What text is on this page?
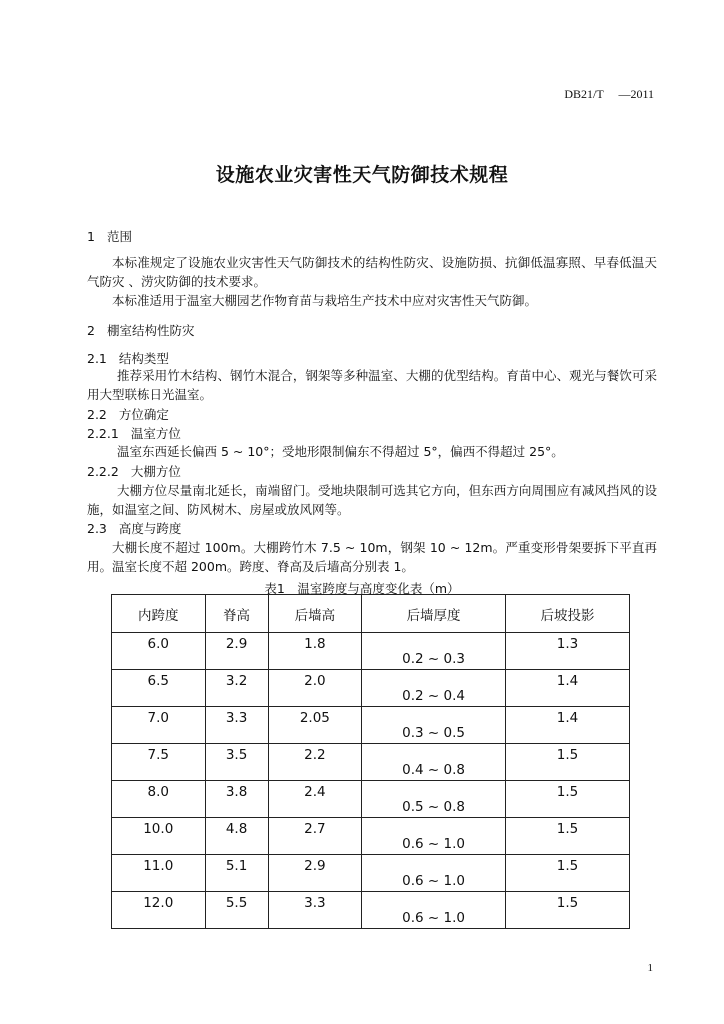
DB21/T —2011
设施农业灾害性天气防御技术规程
1 范围
本标准规定了设施农业灾害性天气防御技术的结构性防灾、设施防损、抗御低温寡照、早春低温天气防灾 、涝灾防御的技术要求。
本标准适用于温室大棚园艺作物育苗与栽培生产技术中应对灾害性天气防御。
2 棚室结构性防灾
2.1 结构类型
推荐采用竹木结构、钢竹木混合，钢架等多种温室、大棚的优型结构。育苗中心、观光与餐饮可采用大型联栋日光温室。
2.2 方位确定
2.2.1 温室方位
温室东西延长偏西 5 ~ 10°；受地形限制偏东不得超过 5°，偏西不得超过 25°。
2.2.2 大棚方位
大棚方位尽量南北延长，南端留门。受地块限制可选其它方向，但东西方向周围应有减风挡风的设施，如温室之间、防风树木、房屋或放风网等。
2.3 高度与跨度
大棚长度不超过 100m。大棚跨竹木 7.5 ~ 10m，钢架 10 ~ 12m。严重变形骨架要拆下平直再用。温室长度不超 200m。跨度、脊高及后墙高分别表 1。
表1　温室跨度与高度变化表（m）
内跨度	脊高	后墙高	后墙厚度	后坡投影
6.0	2.9	1.8	0.2 ~ 0.3	1.3
6.5	3.2	2.0	0.2 ~ 0.4	1.4
7.0	3.3	2.05	0.3 ~ 0.5	1.4
7.5	3.5	2.2	0.4 ~ 0.8	1.5
8.0	3.8	2.4	0.5 ~ 0.8	1.5
10.0	4.8	2.7	0.6 ~ 1.0	1.5
11.0	5.1	2.9	0.6 ~ 1.0	1.5
12.0	5.5	3.3	0.6 ~ 1.0	1.5
1
